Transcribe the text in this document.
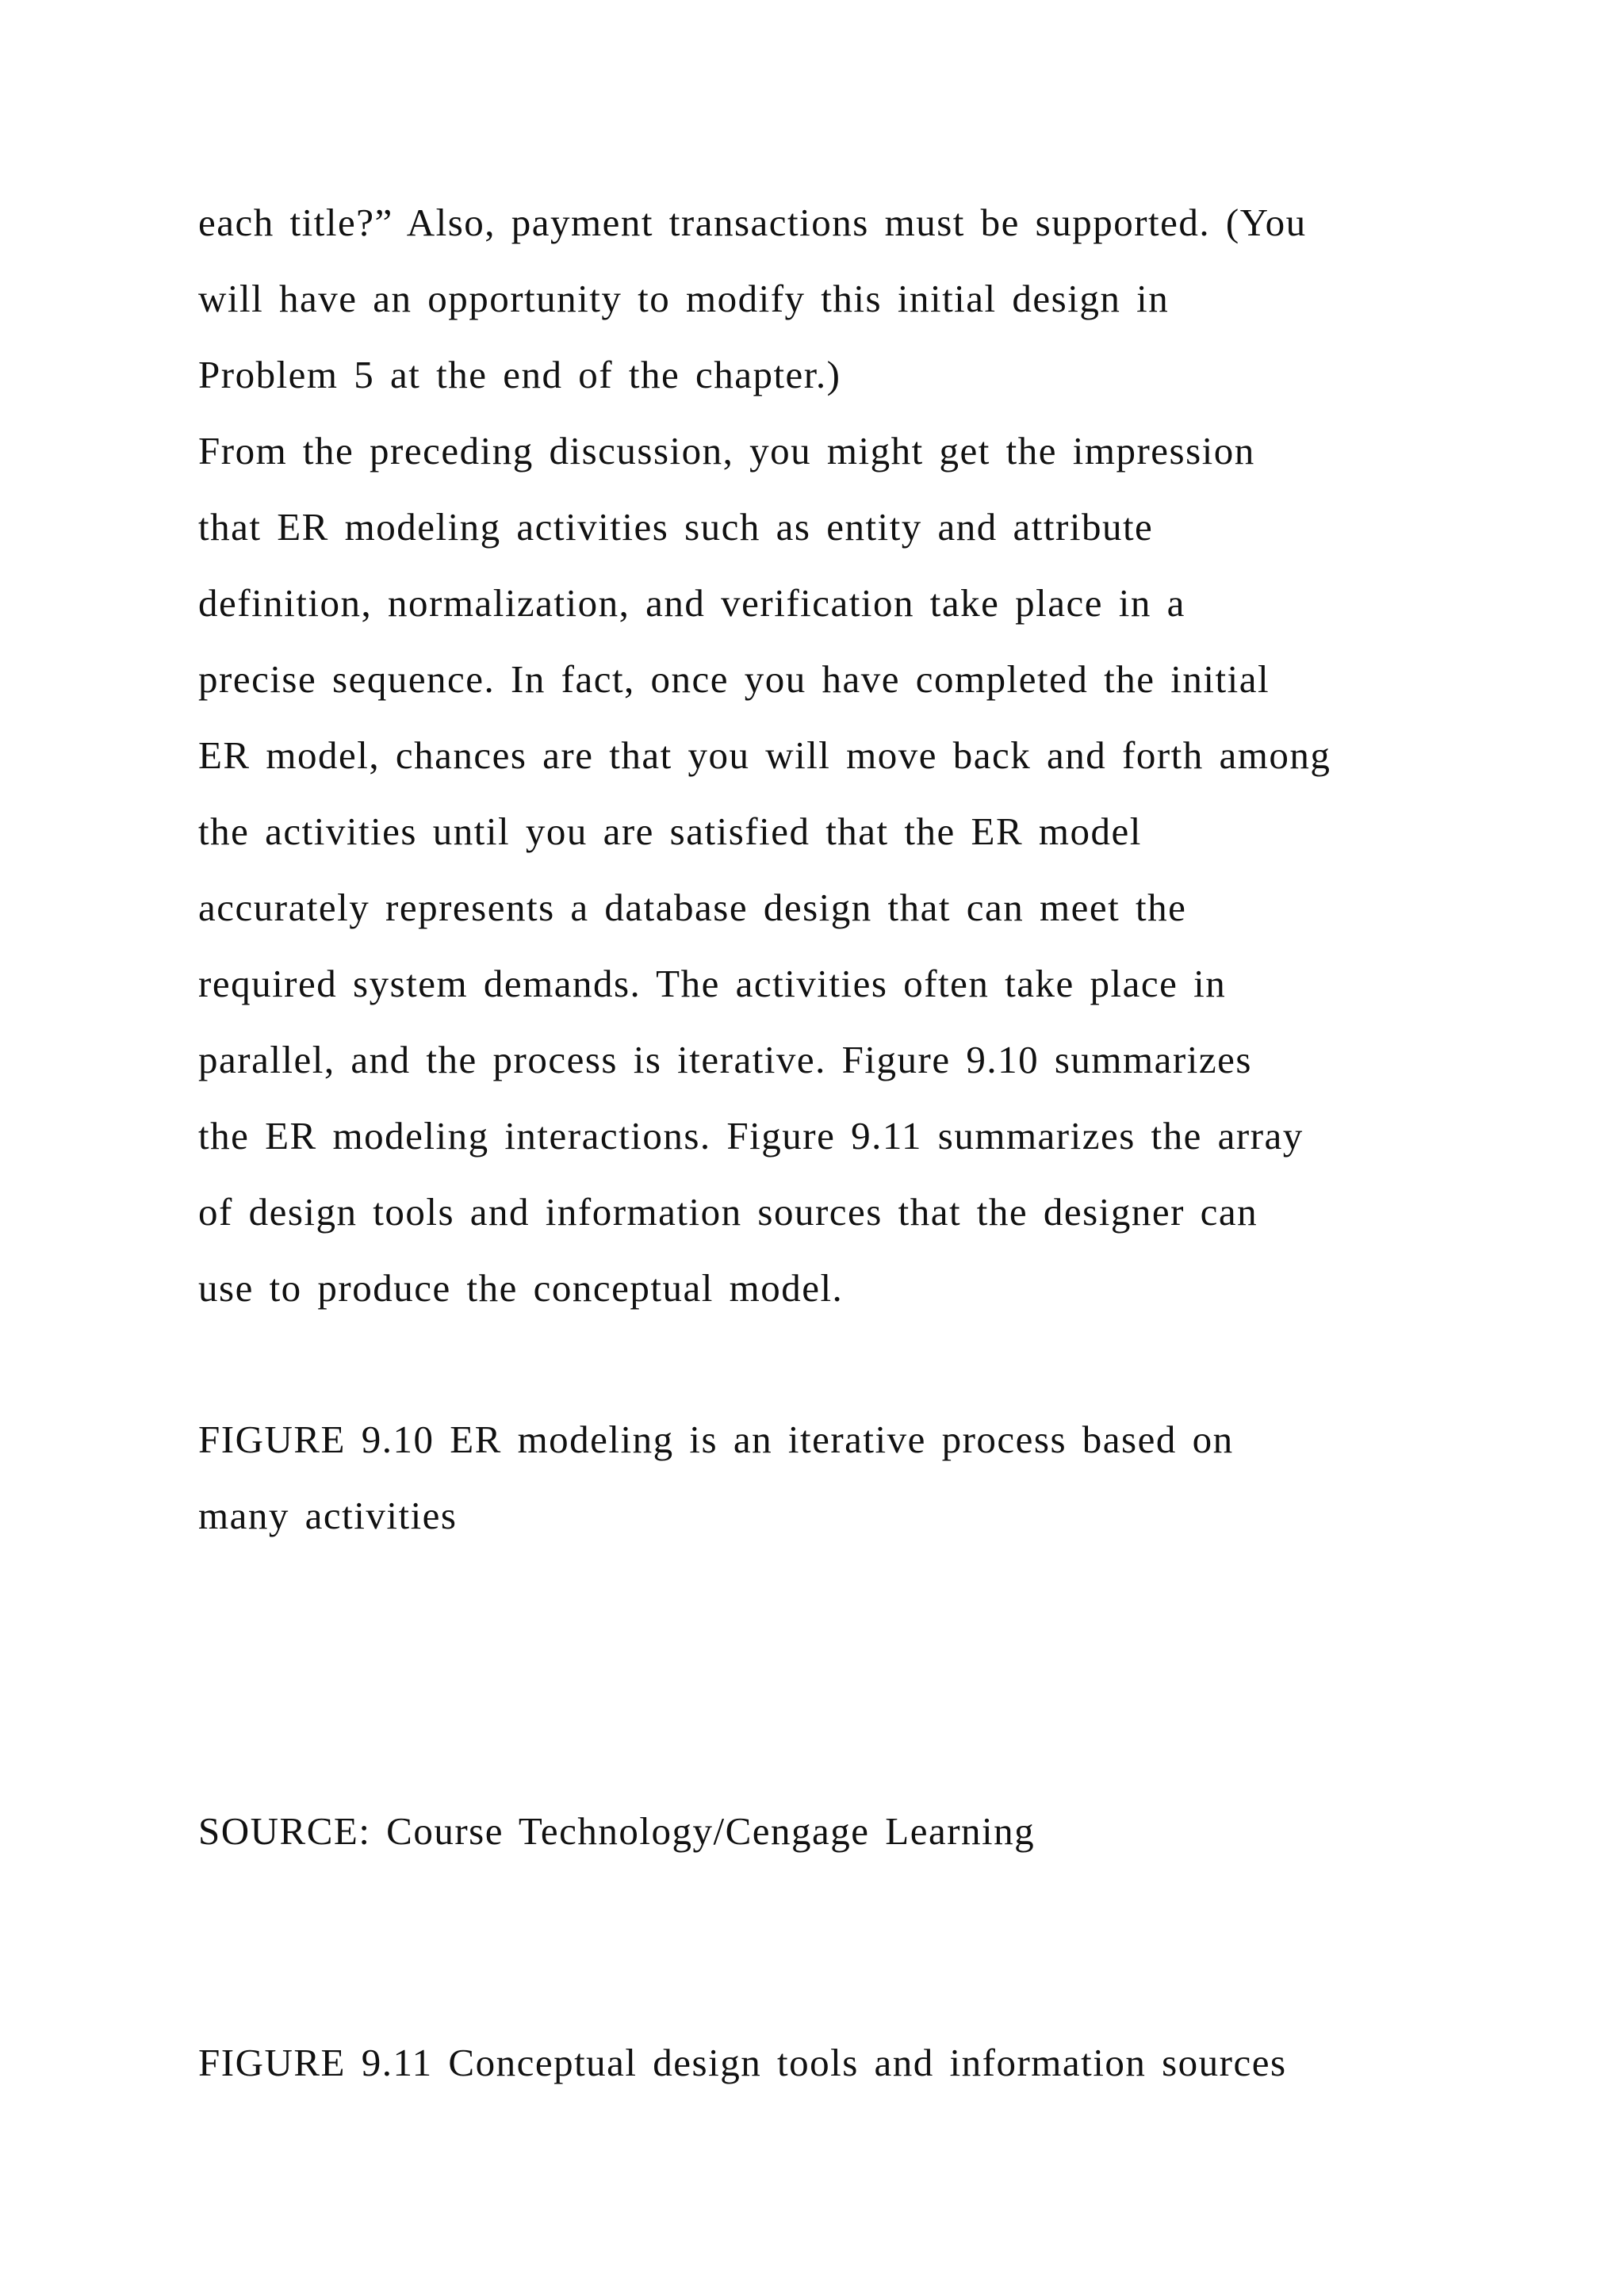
each title?” Also, payment transactions must be supported. (You
will have an opportunity to modify this initial design in
Problem 5 at the end of the chapter.)
From the preceding discussion, you might get the impression
that ER modeling activities such as entity and attribute
definition, normalization, and verification take place in a
precise sequence. In fact, once you have completed the initial
ER model, chances are that you will move back and forth among
the activities until you are satisfied that the ER model
accurately represents a database design that can meet the
required system demands. The activities often take place in
parallel, and the process is iterative. Figure 9.10 summarizes
the ER modeling interactions. Figure 9.11 summarizes the array
of design tools and information sources that the designer can
use to produce the conceptual model.
FIGURE 9.10 ER modeling is an iterative process based on
many activities
SOURCE: Course Technology/Cengage Learning
FIGURE 9.11 Conceptual design tools and information sources
